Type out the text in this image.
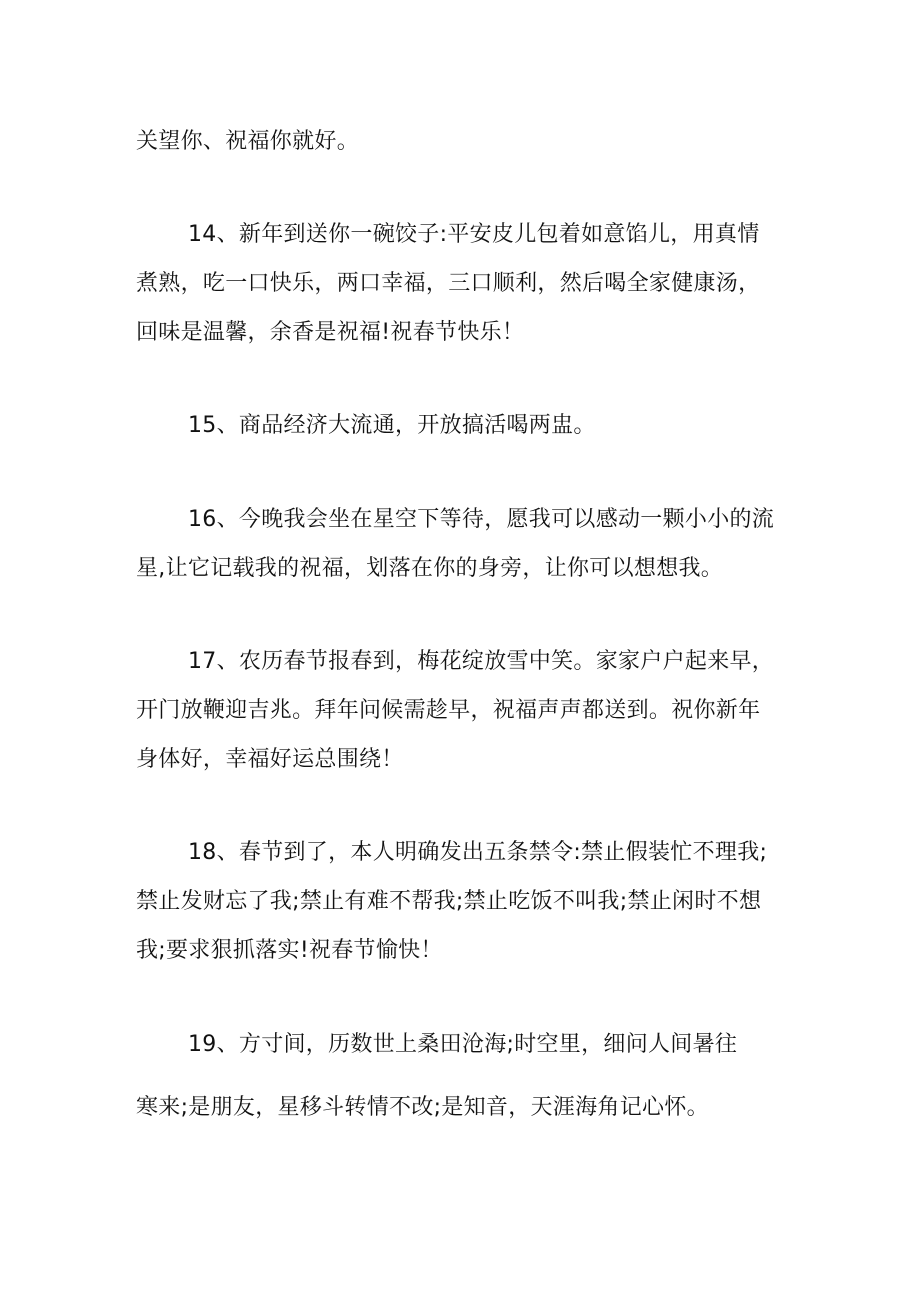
关望你、祝福你就好。
14、新年到送你一碗饺子:平安皮儿包着如意馅儿，用真情
煮熟，吃一口快乐，两口幸福，三口顺利，然后喝全家健康汤，
回味是温馨，余香是祝福!祝春节快乐！
15、商品经济大流通，开放搞活喝两盅。
16、今晚我会坐在星空下等待，愿我可以感动一颗小小的流
星,让它记载我的祝福，划落在你的身旁，让你可以想想我。
17、农历春节报春到，梅花绽放雪中笑。家家户户起来早，
开门放鞭迎吉兆。拜年问候需趁早，祝福声声都送到。祝你新年
身体好，幸福好运总围绕！
18、春节到了，本人明确发出五条禁令:禁止假装忙不理我;
禁止发财忘了我;禁止有难不帮我;禁止吃饭不叫我;禁止闲时不想
我;要求狠抓落实!祝春节愉快！
19、方寸间，历数世上桑田沧海;时空里，细问人间暑往
寒来;是朋友，星移斗转情不改;是知音，天涯海角记心怀。
